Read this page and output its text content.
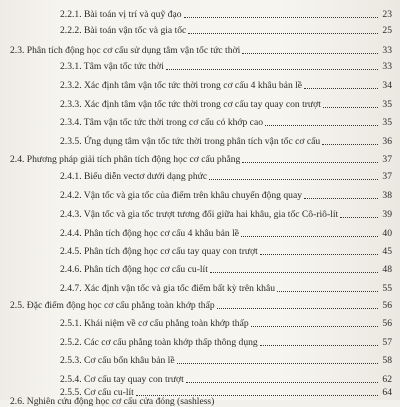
2.2.1. Bài toán vị trí và quỹ đạo	23
2.2.2. Bài toán vận tốc và gia tốc	25
2.3. Phân tích động học cơ cấu sử dụng tâm vận tốc tức thời	33
2.3.1. Tâm vận tốc tức thời	33
2.3.2. Xác định tâm vận tốc tức thời trong cơ cấu 4 khâu bản lề	34
2.3.3. Xác định tâm vận tốc tức thời trong cơ cấu tay quay con trượt	35
2.3.4. Tâm vận tốc tức thời trong cơ cấu có khớp cao	35
2.3.5. Ứng dụng tâm vận tốc tức thời trong phân tích vận tốc cơ cấu	36
2.4. Phương pháp giải tích phân tích động học cơ cấu phẳng	37
2.4.1. Biểu diễn vectơ dưới dạng phức	37
2.4.2. Vận tốc và gia tốc của điểm trên khâu chuyển động quay	38
2.4.3. Vận tốc và gia tốc trượt tương đối giữa hai khâu, gia tốc Cô-riô-lít	39
2.4.4. Phân tích động học cơ cấu 4 khâu bản lề	40
2.4.5. Phân tích động học cơ cấu tay quay con trượt	45
2.4.6. Phân tích động học cơ cấu cu-lít	48
2.4.7. Xác định vận tốc và gia tốc điểm bất kỳ trên khâu	55
2.5. Đặc điểm động học cơ cấu phẳng toàn khớp thấp	56
2.5.1. Khái niệm về cơ cấu phẳng toàn khớp thấp	56
2.5.2. Các cơ cấu phẳng toàn khớp thấp thông dụng	57
2.5.3. Cơ cấu bốn khâu bản lề	58
2.5.4. Cơ cấu tay quay con trượt	62
2.5.5. Cơ cấu cu-lít	64
2.6. Nghiên cứu động học cơ cấu cửa đóng (sashless)
